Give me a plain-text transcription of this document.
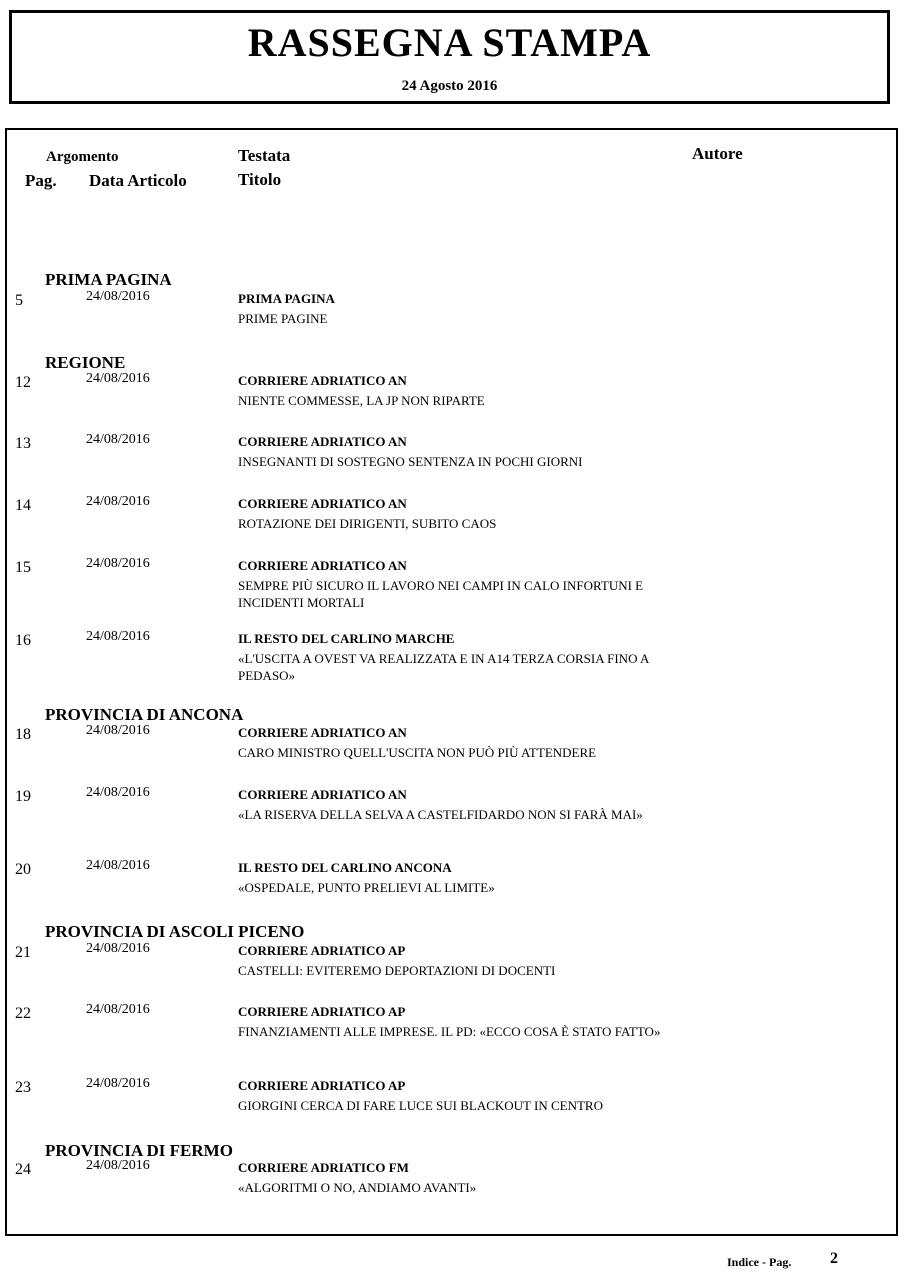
RASSEGNA STAMPA
24 Agosto 2016
Argomento	Testata	Autore
Pag. Data Articolo	Titolo
PRIMA PAGINA
5	24/08/2016	PRIMA PAGINA
PRIME PAGINE
REGIONE
12	24/08/2016	CORRIERE ADRIATICO AN
NIENTE COMMESSE, LA JP NON RIPARTE
13	24/08/2016	CORRIERE ADRIATICO AN
INSEGNANTI DI SOSTEGNO SENTENZA IN POCHI GIORNI
14	24/08/2016	CORRIERE ADRIATICO AN
ROTAZIONE DEI DIRIGENTI, SUBITO CAOS
15	24/08/2016	CORRIERE ADRIATICO AN
SEMPRE PIÙ SICURO IL LAVORO NEI CAMPI IN CALO INFORTUNI E INCIDENTI MORTALI
16	24/08/2016	IL RESTO DEL CARLINO MARCHE
«L'USCITA A OVEST VA REALIZZATA E IN A14 TERZA CORSIA FINO A PEDASO»
PROVINCIA DI ANCONA
18	24/08/2016	CORRIERE ADRIATICO AN
CARO MINISTRO QUELL'USCITA NON PUÒ PIÙ ATTENDERE
19	24/08/2016	CORRIERE ADRIATICO AN
«LA RISERVA DELLA SELVA A CASTELFIDARDO NON SI FARÀ MAI»
20	24/08/2016	IL RESTO DEL CARLINO ANCONA
«OSPEDALE, PUNTO PRELIEVI AL LIMITE»
PROVINCIA DI ASCOLI PICENO
21	24/08/2016	CORRIERE ADRIATICO AP
CASTELLI: EVITEREMO DEPORTAZIONI DI DOCENTI
22	24/08/2016	CORRIERE ADRIATICO AP
FINANZIAMENTI ALLE IMPRESE. IL PD: «ECCO COSA È STATO FATTO»
23	24/08/2016	CORRIERE ADRIATICO AP
GIORGINI CERCA DI FARE LUCE SUI BLACKOUT IN CENTRO
PROVINCIA DI FERMO
24	24/08/2016	CORRIERE ADRIATICO FM
«ALGORITMI O NO, ANDIAMO AVANTI»
Indice - Pag. 2
